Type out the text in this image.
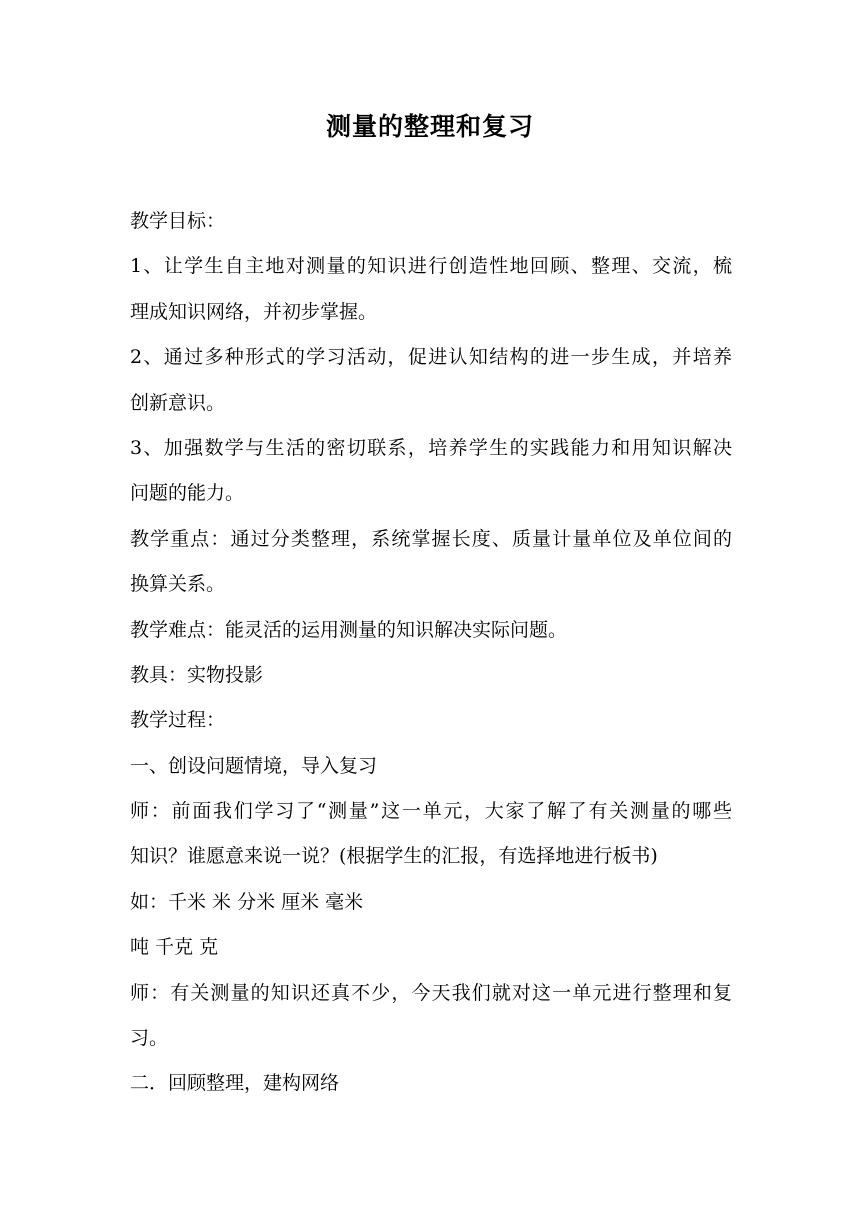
测量的整理和复习
教学目标：
1、让学生自主地对测量的知识进行创造性地回顾、整理、交流，梳
理成知识网络，并初步掌握。
2、通过多种形式的学习活动，促进认知结构的进一步生成，并培养
创新意识。
3、加强数学与生活的密切联系，培养学生的实践能力和用知识解决
问题的能力。
教学重点：通过分类整理，系统掌握长度、质量计量单位及单位间的
换算关系。
教学难点：能灵活的运用测量的知识解决实际问题。
教具：实物投影
教学过程：
一、创设问题情境，导入复习
师：前面我们学习了“测量”这一单元，大家了解了有关测量的哪些
知识？谁愿意来说一说？(根据学生的汇报，有选择地进行板书)
如：千米 米 分米 厘米 毫米
吨 千克 克
师：有关测量的知识还真不少，今天我们就对这一单元进行整理和复
习。
二．回顾整理，建构网络
